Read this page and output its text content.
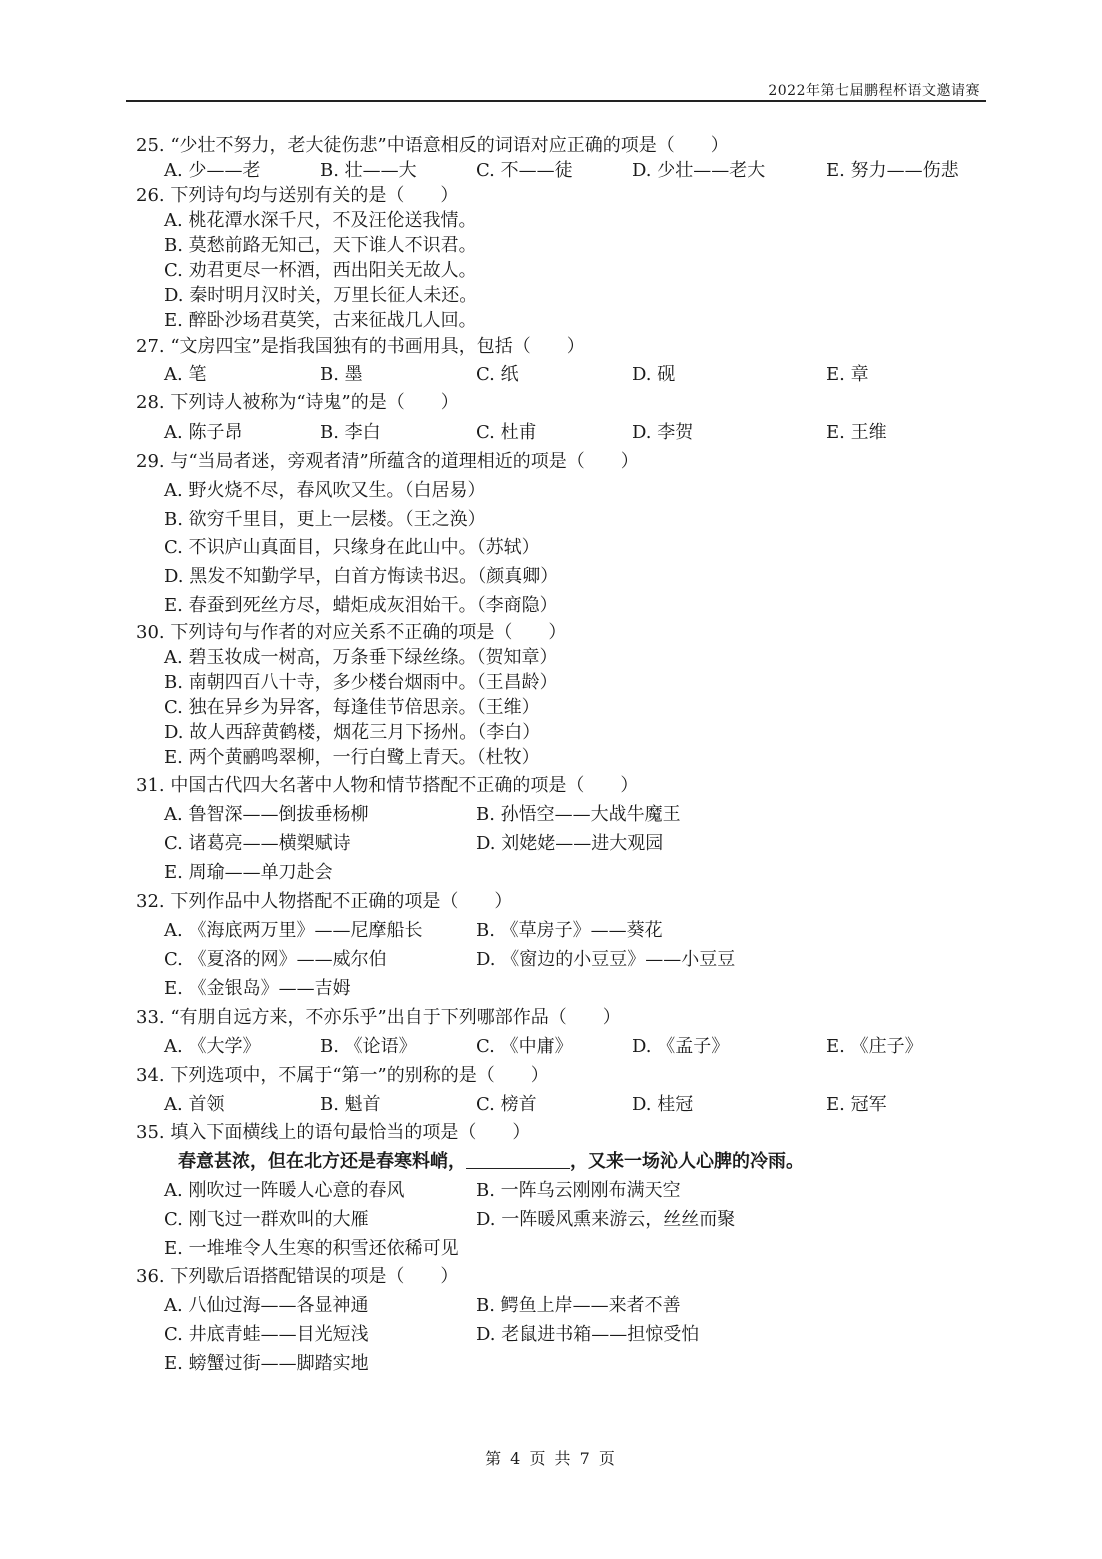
2022年第七届鹏程杯语文邀请赛
25. “少壮不努力，老大徒伤悲”中语意相反的词语对应正确的项是（　　）
A. 少——老	B. 壮——大	C. 不——徒	D. 少壮——老大	E. 努力——伤悲
26. 下列诗句均与送别有关的是（　　）
A. 桃花潭水深千尺，不及汪伦送我情。
B. 莫愁前路无知己，天下谁人不识君。
C. 劝君更尽一杯酒，西出阳关无故人。
D. 秦时明月汉时关，万里长征人未还。
E. 醉卧沙场君莫笑，古来征战几人回。
27. “文房四宝”是指我国独有的书画用具，包括（　　）
A. 笔	B. 墨	C. 纸	D. 砚	E. 章
28. 下列诗人被称为“诗鬼”的是（　　）
A. 陈子昂	B. 李白	C. 杜甫	D. 李贺	E. 王维
29. 与“当局者迷，旁观者清”所蕴含的道理相近的项是（　　）
A. 野火烧不尽，春风吹又生。（白居易）
B. 欲穷千里目，更上一层楼。（王之涣）
C. 不识庐山真面目，只缘身在此山中。（苏轼）
D. 黑发不知勤学早，白首方悔读书迟。（颜真卿）
E. 春蚕到死丝方尽，蜡炬成灰泪始干。（李商隐）
30. 下列诗句与作者的对应关系不正确的项是（　　）
A. 碧玉妆成一树高，万条垂下绿丝绦。（贺知章）
B. 南朝四百八十寺，多少楼台烟雨中。（王昌龄）
C. 独在异乡为异客，每逢佳节倍思亲。（王维）
D. 故人西辞黄鹤楼，烟花三月下扬州。（李白）
E. 两个黄鹂鸣翠柳，一行白鹭上青天。（杜牧）
31. 中国古代四大名著中人物和情节搭配不正确的项是（　　）
A. 鲁智深——倒拔垂杨柳	B. 孙悟空——大战牛魔王
C. 诸葛亮——横槊赋诗	D. 刘姥姥——进大观园
E. 周瑜——单刀赴会
32. 下列作品中人物搭配不正确的项是（　　）
A. 《海底两万里》——尼摩船长	B. 《草房子》——葵花
C. 《夏洛的网》——威尔伯	D. 《窗边的小豆豆》——小豆豆
E. 《金银岛》——吉姆
33. “有朋自远方来，不亦乐乎”出自于下列哪部作品（　　）
A. 《大学》	B. 《论语》	C. 《中庸》	D. 《孟子》	E. 《庄子》
34. 下列选项中，不属于“第一”的别称的是（　　）
A. 首领	B. 魁首	C. 榜首	D. 桂冠	E. 冠军
35. 填入下面横线上的语句最恰当的项是（　　）
春意甚浓，但在北方还是春寒料峭，	，又来一场沁人心脾的冷雨。
A. 刚吹过一阵暖人心意的春风	B. 一阵乌云刚刚布满天空
C. 刚飞过一群欢叫的大雁	D. 一阵暖风熏来游云，丝丝而聚
E. 一堆堆令人生寒的积雪还依稀可见
36. 下列歇后语搭配错误的项是（　　）
A. 八仙过海——各显神通	B. 鳄鱼上岸——来者不善
C. 井底青蛙——目光短浅	D. 老鼠进书箱——担惊受怕
E. 螃蟹过街——脚踏实地
第 4 页 共 7 页
